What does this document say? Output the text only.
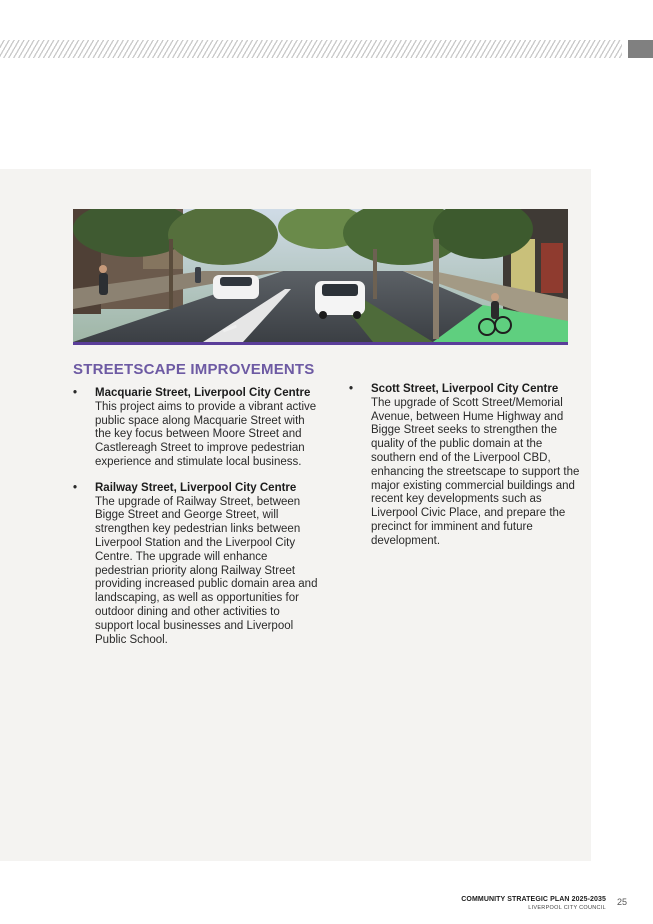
STREETSCAPE IMPROVEMENTS
• Macquarie Street, Liverpool City Centre
This project aims to provide a vibrant active public space along Macquarie Street with the key focus between Moore Street and Castlereagh Street to improve pedestrian experience and stimulate local business.
• Railway Street, Liverpool City Centre
The upgrade of Railway Street, between Bigge Street and George Street, will strengthen key pedestrian links between Liverpool Station and the Liverpool City Centre. The upgrade will enhance pedestrian priority along Railway Street providing increased public domain area and landscaping, as well as opportunities for outdoor dining and other activities to support local businesses and Liverpool Public School.
• Scott Street, Liverpool City Centre
The upgrade of Scott Street/Memorial Avenue, between Hume Highway and Bigge Street seeks to strengthen the quality of the public domain at the southern end of the Liverpool CBD, enhancing the streetscape to support the major existing commercial buildings and recent key developments such as Liverpool Civic Place, and prepare the precinct for imminent and future development.
COMMUNITY STRATEGIC PLAN 2025-2035
LIVERPOOL CITY COUNCIL
25
